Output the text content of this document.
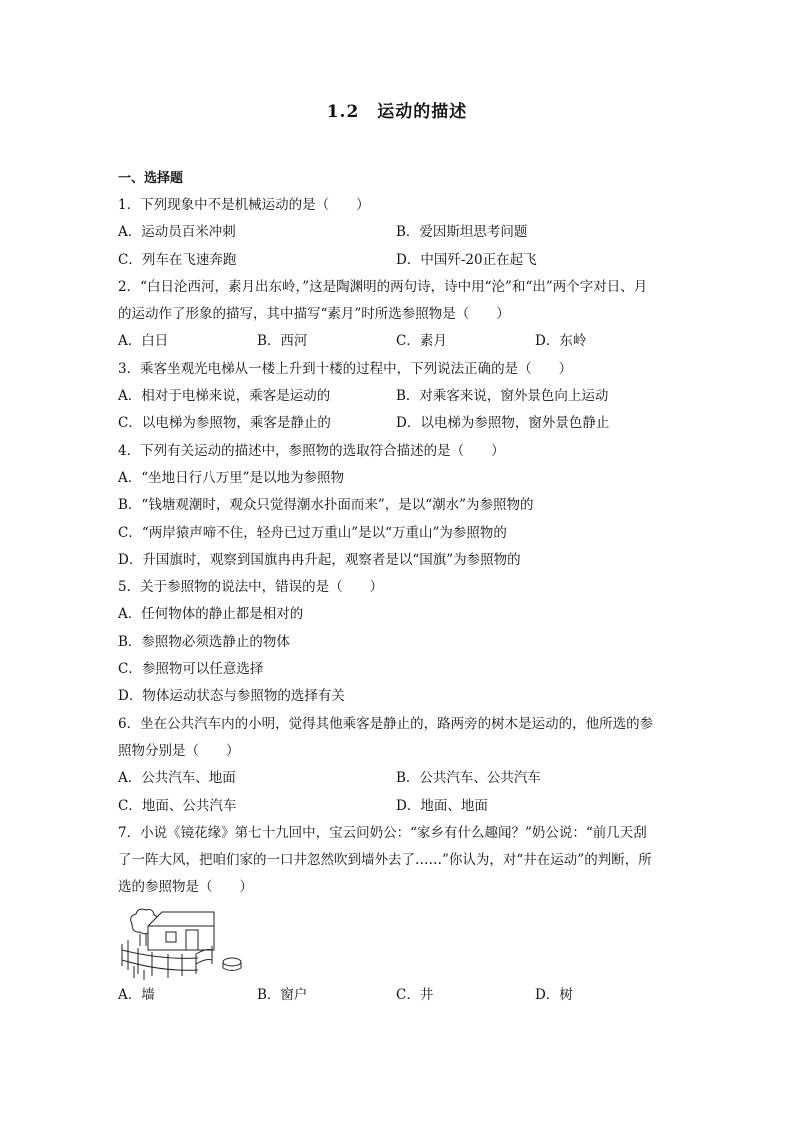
1.2　运动的描述
一、选择题
1．下列现象中不是机械运动的是（　　）
A．运动员百米冲刺	B．爱因斯坦思考问题
C．列车在飞速奔跑	D．中国歼-20正在起飞
2．“白日沦西河，素月出东岭，”这是陶渊明的两句诗，诗中用“沦”和“出”两个字对日、月
的运动作了形象的描写，其中描写“素月”时所选参照物是（　　）
A．白日	B．西河	C．素月	D．东岭
3．乘客坐观光电梯从一楼上升到十楼的过程中，下列说法正确的是（　　）
A．相对于电梯来说，乘客是运动的	B．对乘客来说，窗外景色向上运动
C．以电梯为参照物，乘客是静止的	D．以电梯为参照物，窗外景色静止
4．下列有关运动的描述中，参照物的选取符合描述的是（　　）
A．“坐地日行八万里”是以地为参照物
B．“钱塘观潮时，观众只觉得潮水扑面而来”，是以“潮水”为参照物的
C．“两岸猿声啼不住，轻舟已过万重山”是以“万重山”为参照物的
D．升国旗时，观察到国旗冉冉升起，观察者是以“国旗”为参照物的
5．关于参照物的说法中，错误的是（　　）
A．任何物体的静止都是相对的
B．参照物必须选静止的物体
C．参照物可以任意选择
D．物体运动状态与参照物的选择有关
6．坐在公共汽车内的小明，觉得其他乘客是静止的，路两旁的树木是运动的，他所选的参
照物分别是（　　）
A．公共汽车、地面	B．公共汽车、公共汽车
C．地面、公共汽车	D．地面、地面
7．小说《镜花缘》第七十九回中，宝云问奶公：“家乡有什么趣闻？”奶公说：“前几天刮
了一阵大风，把咱们家的一口井忽然吹到墙外去了……”你认为，对“井在运动”的判断，所
选的参照物是（　　）
A．墙	B．窗户	C．井	D．树
